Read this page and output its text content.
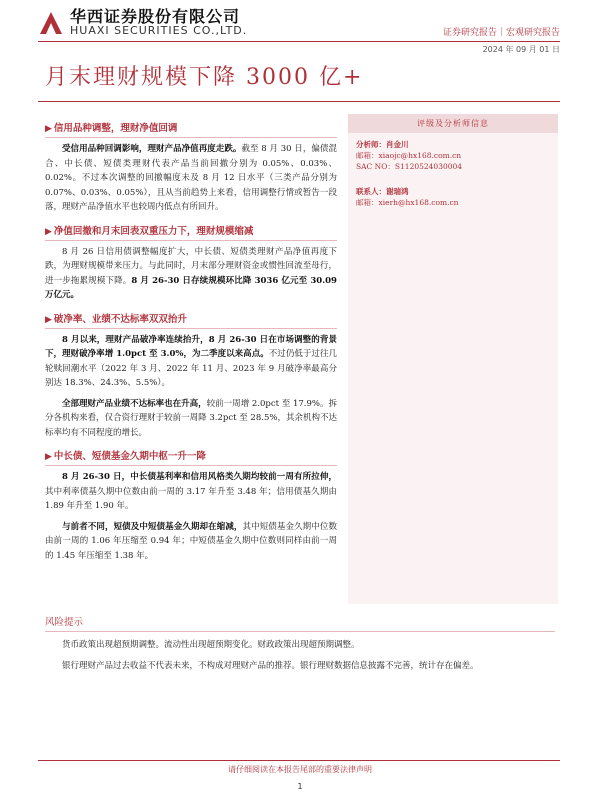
华西证券股份有限公司
HUAXI SECURITIES CO.,LTD.	证券研究报告｜宏观研究报告
2024 年 09 月 01 日
月末理财规模下降 3000 亿+
▶ 信用品种调整，理财净值回调
受信用品种回调影响，理财产品净值再度走跌。截至 8 月 30 日，偏债混合、中长债、短债类理财代表产品当前回撤分别为 0.05%、0.03%、0.02%。不过本次调整的回撤幅度未及 8 月 12 日水平（三类产品分别为 0.07%、0.03%、0.05%），且从当前趋势上来看，信用调整行情或暂告一段落，理财产品净值水平也较周内低点有所回升。
▶ 净值回撤和月末回表双重压力下，理财规模缩减
8 月 26 日信用债调整幅度扩大，中长债、短债类理财产品净值再度下跌，为理财规模带来压力。与此同时，月末部分理财资金或惯性回流至母行，进一步拖累规模下降。8 月 26-30 日存续规模环比降 3036 亿元至 30.09 万亿元。
▶ 破净率、业绩不达标率双双抬升
8 月以来，理财产品破净率连续抬升，8 月 26-30 日在市场调整的背景下，理财破净率增 1.0pct 至 3.0%，为二季度以来高点。不过仍低于过往几轮赎回潮水平（2022 年 3 月、2022 年 11 月、2023 年 9 月破净率最高分别达 18.3%、24.3%、5.5%）。
全部理财产品业绩不达标率也在升高，较前一周增 2.0pct 至 17.9%。拆分各机构来看，仅合资行理财于较前一周降 3.2pct 至 28.5%，其余机构不达标率均有不同程度的增长。
▶ 中长债、短债基金久期中枢一升一降
8 月 26-30 日，中长债基利率和信用风格类久期均较前一周有所拉伸，其中利率债基久期中位数由前一周的 3.17 年升至 3.48 年；信用债基久期由 1.89 年升至 1.90 年。
与前者不同，短债及中短债基金久期却在缩减，其中短债基金久期中位数由前一周的 1.06 年压缩至 0.94 年；中短债基金久期中位数则同样由前一周的 1.45 年压缩至 1.38 年。
评级及分析师信息
分析师：肖金川
邮箱：xiaojc@hx168.com.cn
SAC NO：S1120524030004
联系人：谢瑞鸿
邮箱：xierh@hx168.com.cn
风险提示
货币政策出现超预期调整。流动性出现超预期变化。财政政策出现超预期调整。
银行理财产品过去收益不代表未来，不构成对理财产品的推荐。银行理财数据信息披露不完善，统计存在偏差。
请仔细阅读在本报告尾部的重要法律声明
1
